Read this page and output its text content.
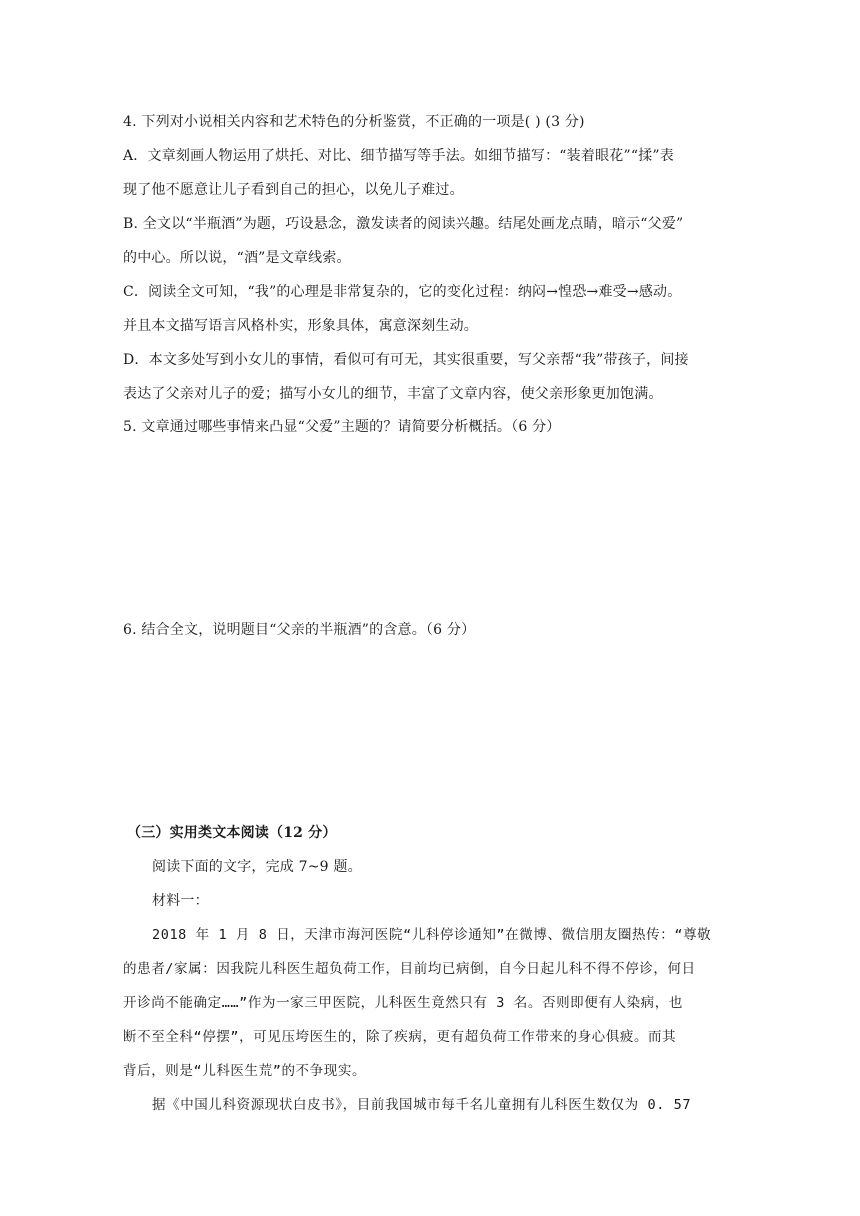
4. 下列对小说相关内容和艺术特色的分析鉴赏，不正确的一项是( ) (3 分)
A．文章刻画人物运用了烘托、对比、细节描写等手法。如细节描写：“装着眼花”“揉”表
现了他不愿意让儿子看到自己的担心，以免儿子难过。
B. 全文以“半瓶酒”为题，巧设悬念，激发读者的阅读兴趣。结尾处画龙点睛，暗示“父爱”
的中心。所以说，“酒”是文章线索。
C．阅读全文可知，“我”的心理是非常复杂的，它的变化过程：纳闷→惶恐→难受→感动。
并且本文描写语言风格朴实，形象具体，寓意深刻生动。
D．本文多处写到小女儿的事情，看似可有可无，其实很重要，写父亲帮“我”带孩子，间接
表达了父亲对儿子的爱；描写小女儿的细节，丰富了文章内容，使父亲形象更加饱满。
5. 文章通过哪些事情来凸显“父爱”主题的？请简要分析概括。（6 分）
6. 结合全文，说明题目“父亲的半瓶酒”的含意。（6 分）
（三）实用类文本阅读（12 分）
阅读下面的文字，完成 7~9 题。
材料一：
2018 年 1 月 8 日，天津市海河医院“儿科停诊通知”在微博、微信朋友圈热传：“尊敬
的患者/家属：因我院儿科医生超负荷工作，目前均已病倒，自今日起儿科不得不停诊，何日
开诊尚不能确定……”作为一家三甲医院，儿科医生竟然只有 3 名。否则即便有人染病，也
断不至全科“停摆”，可见压垮医生的，除了疾病，更有超负荷工作带来的身心俱疲。而其
背后，则是“儿科医生荒”的不争现实。
据《中国儿科资源现状白皮书》，目前我国城市每千名儿童拥有儿科医生数仅为 0. 57
